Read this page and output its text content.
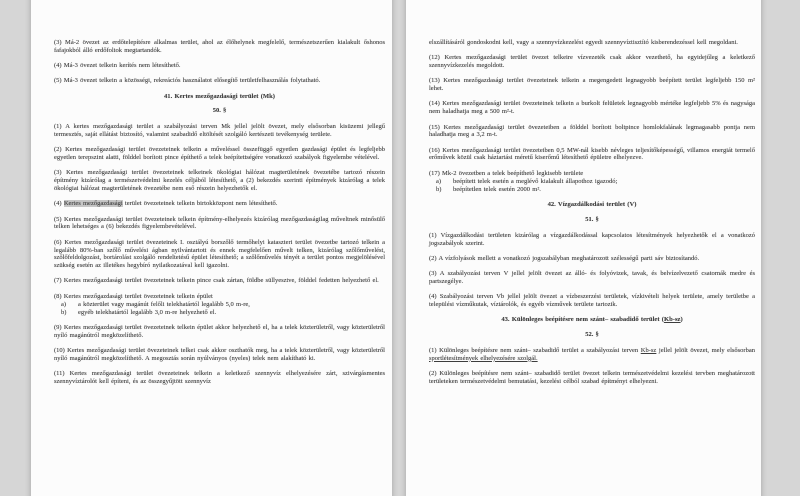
(3) Má-2 övezet az erdőtelepítésre alkalmas terület, ahol az élőhelynek megfelelő, természetszerűen kialakult őshonos fafajokból álló erdőfoltok megtartandók.

(4) Má-3 övezet telkein kerítés nem létesíthető.

(5) Má-3 övezet telkein a közösségi, rekreációs használatot elősegítő területfelhasználás folytatható.

41. Kertes mezőgazdasági terület (Mk)
50. §

(1) A kertes mezőgazdasági terület a szabályozási terven Mk jellel jelölt övezet, mely elsősorban kisüzemi jellegű termesztés, saját ellátást biztosító, valamint szabadidő eltöltését szolgáló kertészeti tevékenység területe.

(2) Kertes mezőgazdasági terület övezeteinek telkein a műveléssel összefüggő egyetlen gazdasági épület és legfeljebb egyetlen terepszint alatti, földdel borított pince építhető a telek beépítettségére vonatkozó szabályok figyelembe vételével.

(3) Kertes mezőgazdasági terület övezeteinek telkeinek ökológiai hálózat magterületének övezetébe tartozó részein építmény kizárólag a természetvédelmi kezelés céljából létesíthető, a (2) bekezdés szerinti építmények kizárólag a telek ökológiai hálózat magterületének övezetébe nem eső részein helyezhetők el.

(4) Kertes mezőgazdasági terület övezeteinek telkein birtokközpont nem létesíthető.

(5) Kertes mezőgazdasági terület övezeteinek telkein építmény-elhelyezés kizárólag mezőgazdaságilag műveltnek minősülő telken lehetséges a (6) bekezdés figyelembevételével.

(6) Kertes mezőgazdasági terület övezeteinek I. osztályú borszőlő termőhelyi kataszteri terület övezetbe tartozó telkein a legalább 80%-ban szőlő művelési ágban nyilvántartott és ennek megfelelően művelt telken, kizárólag szőlőművelést, szőlőfeldolgozást, bortárolást szolgáló rendeltetésű épület létesíthető; a szőlőművelés tényét a terület pontos megjelölésével szükség esetén az illetékes hegybíró nyilatkozatával kell igazolni.

(7) Kertes mezőgazdasági terület övezeteinek telkein pince csak zártan, földbe süllyesztve, földdel fedetten helyezhető el.

(8) Kertes mezőgazdasági terület övezeteinek telkein épület

a)	a közterület vagy magánút felőli telekhatártól legalább 5,0 m-re,
b)	egyéb telekhatártól legalább 3,0 m-re helyezhető el.

(9) Kertes mezőgazdasági terület övezeteinek telkein épület akkor helyezhető el, ha a telek közterületről, vagy közterületről nyíló magánútról megközelíthető.

(10) Kertes mezőgazdasági terület övezeteinek telkei csak akkor oszthatók meg, ha a telek közterületről, vagy közterületről nyíló magánútról megközelíthető. A megosztás során nyúlványos (nyeles) telek nem alakítható ki.

(11) Kertes mezőgazdasági terület övezeteinek telkein a keletkező szennyvíz elhelyezésére zárt, szivárgásmentes szennyvíztárolót kell építeni, és az összegyűjtött szennyvíz

elszállításáról gondoskodni kell, vagy a szennyvízkezelést egyedi szennyvíztisztító kisberendezéssel kell megoldani.

(12) Kertes mezőgazdasági terület övezet telkeire vízvezeték csak akkor vezethető, ha egyidejűleg a keletkező szennyvízkezelés megoldott.

(13) Kertes mezőgazdasági terület övezeteinek telkein a megengedett legnagyobb beépített terület legfeljebb 150 m² lehet.

(14) Kertes mezőgazdasági terület övezeteinek telkein a burkolt felületek legnagyobb mértéke legfeljebb 5% és nagysága nem haladhatja meg a 500 m²-t.

(15) Kertes mezőgazdasági terület övezeteiben a földdel borított boltpince homlokfalának legmagasabb pontja nem haladhatja meg a 3,2 m-t.

(16) Kertes mezőgazdasági terület övezeteiben 0,5 MW-nál kisebb névleges teljesítőképességű, villamos energiát termelő erőművek közül csak háztartási méretű kiserőmű létesíthető épületre elhelyezve.

(17) Mk-2 övezetben a telek beépíthető legkisebb területe

a)	beépített telek esetén a meglévő kialakult állapothoz igazodó;
b)	beépítetlen telek esetén 2000 m².
42. Vízgazdálkodási terület (V)
51. §

(1) Vízgazdálkodási területen kizárólag a vízgazdálkodással kapcsolatos létesítmények helyezhetők el a vonatkozó jogszabályok szerint.

(2) A vízfolyások mellett a vonatkozó jogszabályban meghatározott szélességű parti sáv biztosítandó.

(3) A szabályozási terven V jellel jelölt övezet az álló- és folyóvizek, tavak, és belvízelvezető csatornák medre és partszegélye.

(4) Szabályozási terven Vb jellel jelölt övezet a vízbeszerzési területek, vízkivételi helyek területe, amely területbe a települési vízműkutak, víztárolók, és egyéb vízművek területe tartozik.

43. Különleges beépítésre nem szánt– szabadidő terület (Kb-sz)
52. §

(1) Különleges beépítésre nem szánt– szabadidő terület a szabályozási terven Kb-sz jellel jelölt övezet, mely elsősorban sportlétesítmények elhelyezésére szolgál.

(2) Különleges beépítésre nem szánt– szabadidő terület övezet telkein természetvédelmi kezelési tervben meghatározott területeken természetvédelmi bemutatási, kezelési célból szabad építményt elhelyezni.
